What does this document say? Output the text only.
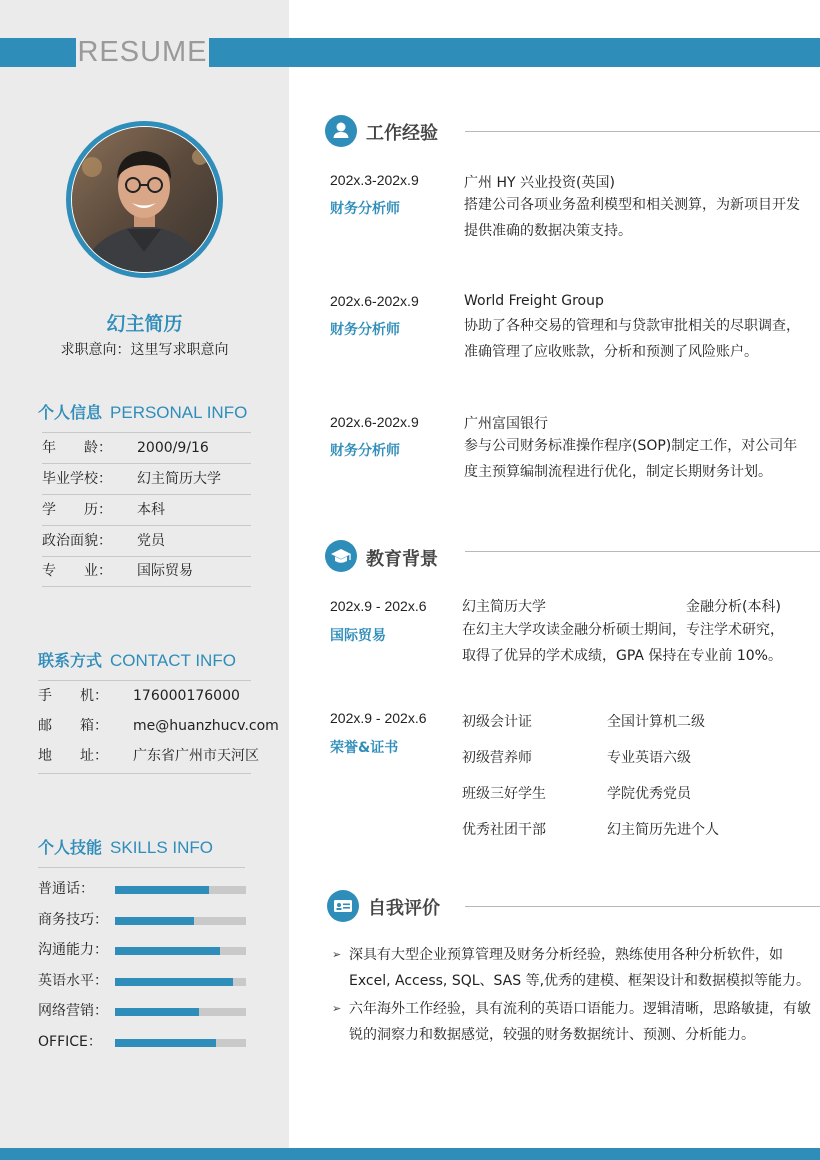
RESUME
幻主简历
求职意向：这里写求职意向
个人信息 PERSONAL INFO
年　　龄： 2000/9/16
毕业学校： 幻主简历大学
学　　历： 本科
政治面貌： 党员
专　　业： 国际贸易
联系方式 CONTACT INFO
手　　机： 176000176000
邮　　箱： me@huanzhucv.com
地　　址： 广东省广州市天河区
个人技能 SKILLS INFO
普通话：
商务技巧：
沟通能力：
英语水平：
网络营销：
OFFICE：
工作经验
202x.3-202x.9
财务分析师
广州 HY 兴业投资(英国)
搭建公司各项业务盈利模型和相关测算，为新项目开发提供准确的数据决策支持。
202x.6-202x.9
财务分析师
World Freight Group
协助了各种交易的管理和与贷款审批相关的尽职调查，准确管理了应收账款，分析和预测了风险账户。
202x.6-202x.9
财务分析师
广州富国银行
参与公司财务标准操作程序(SOP)制定工作，对公司年度主预算编制流程进行优化，制定长期财务计划。
教育背景
202x.9 - 202x.6
国际贸易
幻主简历大学	金融分析(本科)
在幻主大学攻读金融分析硕士期间，专注学术研究，取得了优异的学术成绩，GPA 保持在专业前 10%。
202x.9 - 202x.6
荣誉&证书
初级会计证	全国计算机二级
初级营养师	专业英语六级
班级三好学生	学院优秀党员
优秀社团干部	幻主简历先进个人
自我评价
➢ 深具有大型企业预算管理及财务分析经验，熟练使用各种分析软件，如 Excel, Access, SQL、SAS 等,优秀的建模、框架设计和数据模拟等能力。
➢ 六年海外工作经验，具有流利的英语口语能力。逻辑清晰，思路敏捷，有敏锐的洞察力和数据感觉，较强的财务数据统计、预测、分析能力。
